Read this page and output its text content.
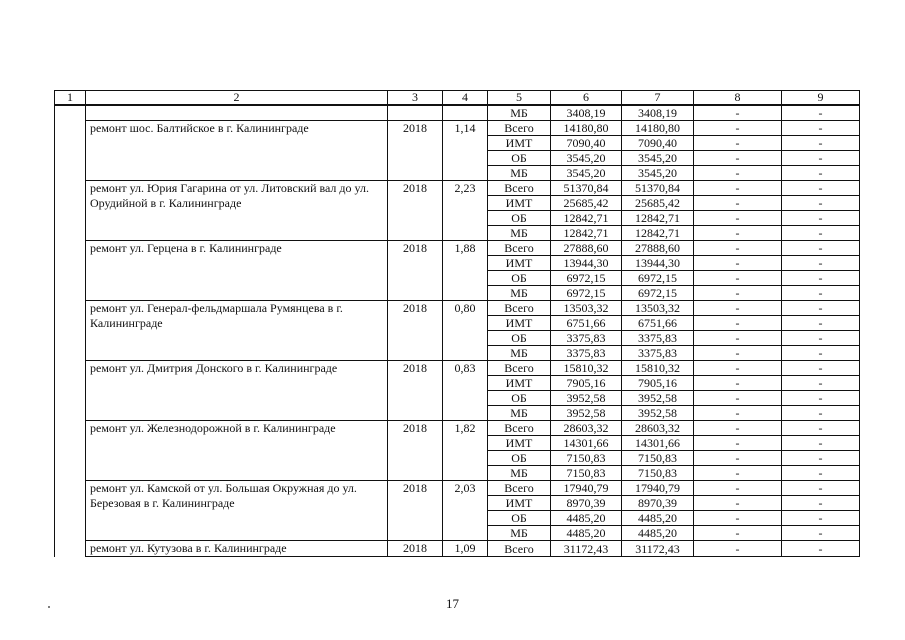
1	2	3	4	5	6	7	8	9
				МБ	3408,19	3408,19	-	-
	ремонт шос. Балтийское в г. Калининграде	2018	1,14	Всего	14180,80	14180,80	-	-
				ИМТ	7090,40	7090,40	-	-
				ОБ	3545,20	3545,20	-	-
				МБ	3545,20	3545,20	-	-
	ремонт ул. Юрия Гагарина от ул. Литовский вал до ул. Орудийной в г. Калининграде	2018	2,23	Всего	51370,84	51370,84	-	-
				ИМТ	25685,42	25685,42	-	-
				ОБ	12842,71	12842,71	-	-
				МБ	12842,71	12842,71	-	-
	ремонт ул. Герцена в г. Калининграде	2018	1,88	Всего	27888,60	27888,60	-	-
				ИМТ	13944,30	13944,30	-	-
				ОБ	6972,15	6972,15	-	-
				МБ	6972,15	6972,15	-	-
	ремонт ул. Генерал-фельдмаршала Румянцева в г. Калининграде	2018	0,80	Всего	13503,32	13503,32	-	-
				ИМТ	6751,66	6751,66	-	-
				ОБ	3375,83	3375,83	-	-
				МБ	3375,83	3375,83	-	-
	ремонт ул. Дмитрия Донского в г. Калининграде	2018	0,83	Всего	15810,32	15810,32	-	-
				ИМТ	7905,16	7905,16	-	-
				ОБ	3952,58	3952,58	-	-
				МБ	3952,58	3952,58	-	-
	ремонт ул. Железнодорожной в г. Калининграде	2018	1,82	Всего	28603,32	28603,32	-	-
				ИМТ	14301,66	14301,66	-	-
				ОБ	7150,83	7150,83	-	-
				МБ	7150,83	7150,83	-	-
	ремонт ул. Камской от ул. Большая Окружная до ул. Березовая в г. Калининграде	2018	2,03	Всего	17940,79	17940,79	-	-
				ИМТ	8970,39	8970,39	-	-
				ОБ	4485,20	4485,20	-	-
				МБ	4485,20	4485,20	-	-
	ремонт ул. Кутузова в г. Калининграде	2018	1,09	Всего	31172,43	31172,43	-	-
17
